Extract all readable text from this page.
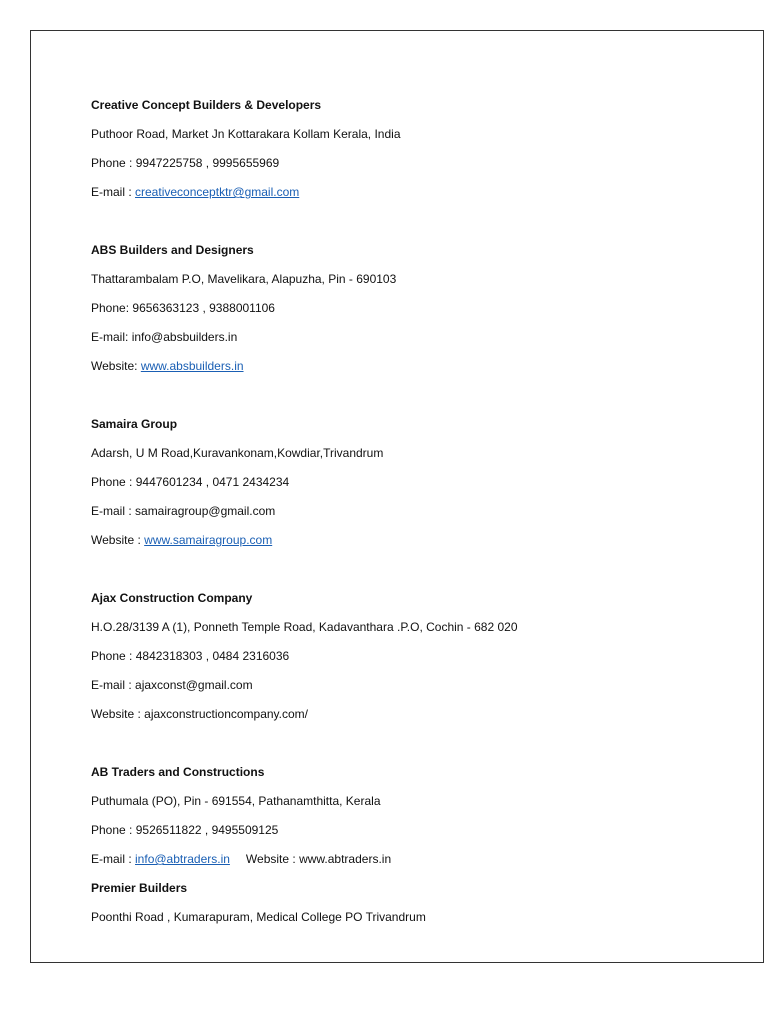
Creative Concept Builders & Developers
Puthoor Road, Market Jn Kottarakara Kollam Kerala, India
Phone : 9947225758 , 9995655969
E-mail : creativeconceptktr@gmail.com
ABS Builders and Designers
Thattarambalam P.O, Mavelikara, Alapuzha, Pin - 690103
Phone: 9656363123 , 9388001106
E-mail: info@absbuilders.in
Website: www.absbuilders.in
Samaira Group
Adarsh, U M Road,Kuravankonam,Kowdiar,Trivandrum
Phone : 9447601234 , 0471 2434234
E-mail : samairagroup@gmail.com
Website : www.samairagroup.com
Ajax Construction Company
H.O.28/3139 A (1), Ponneth Temple Road, Kadavanthara .P.O, Cochin - 682 020
Phone : 4842318303 , 0484 2316036
E-mail : ajaxconst@gmail.com
Website : ajaxconstructioncompany.com/
AB Traders and Constructions
Puthumala (PO), Pin - 691554, Pathanamthitta, Kerala
Phone : 9526511822 , 9495509125
E-mail : info@abtraders.in Website : www.abtraders.in
Premier Builders
Poonthi Road , Kumarapuram, Medical College PO Trivandrum
